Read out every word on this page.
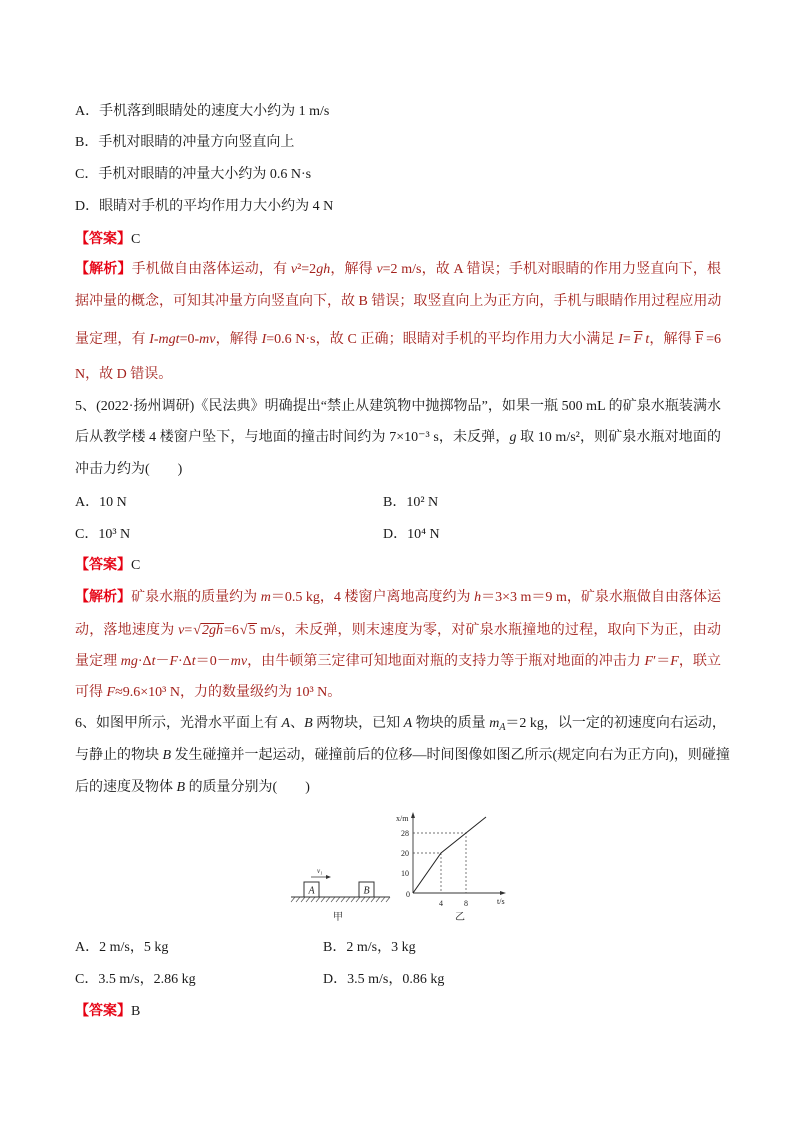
A．手机落到眼睛处的速度大小约为 1 m/s
B．手机对眼睛的冲量方向竖直向上
C．手机对眼睛的冲量大小约为 0.6 N·s
D．眼睛对手机的平均作用力大小约为 4 N
【答案】C
【解析】手机做自由落体运动，有 v²=2gh，解得 v=2 m/s，故 A 错误；手机对眼睛的作用力竖直向下，根
据冲量的概念，可知其冲量方向竖直向下，故 B 错误；取竖直向上为正方向，手机与眼睛作用过程应用动
量定理，有 I-mgt=0-mv，解得 I=0.6 N·s，故 C 正确；眼睛对手机的平均作用力大小满足 $I= \overline{F}$ t，解得 $\overline{F} =6$
N，故 D 错误。
5、(2022·扬州调研)《民法典》明确提出“禁止从建筑物中抛掷物品”，如果一瓶 500 mL 的矿泉水瓶装满水
后从教学楼 4 楼窗户坠下，与地面的撞击时间约为 7×10⁻³ s，未反弹，g 取 10 m/s²，则矿泉水瓶对地面的
冲击力约为(　　)
A．10 N	B．10² N
C．10³ N	D．10⁴ N
【答案】C
【解析】矿泉水瓶的质量约为 m＝0.5 kg，4 楼窗户离地高度约为 h＝3×3 m＝9 m，矿泉水瓶做自由落体运
动，落地速度为 v=√2gh=6√5 m/s，未反弹，则末速度为零，对矿泉水瓶撞地的过程，取向下为正，由动
量定理 mg·Δt－F·Δt＝0－mv，由牛顿第三定律可知地面对瓶的支持力等于瓶对地面的冲击力 F′＝F，联立
可得 F≈9.6×10³ N，力的数量级约为 10³ N。
6、如图甲所示，光滑水平面上有 A、B 两物块，已知 A 物块的质量 $m_A=2$ kg，以一定的初速度向右运动，
与静止的物块 B 发生碰撞并一起运动，碰撞前后的位移—时间图像如图乙所示(规定向右为正方向)，则碰撞
后的速度及物体 B 的质量分别为(　　)
A	B
v₁
甲
x/m
28
20
10
0
4	8	t/s
乙
A．2 m/s，5 kg	B．2 m/s，3 kg
C．3.5 m/s，2.86 kg	D．3.5 m/s，0.86 kg
【答案】B
